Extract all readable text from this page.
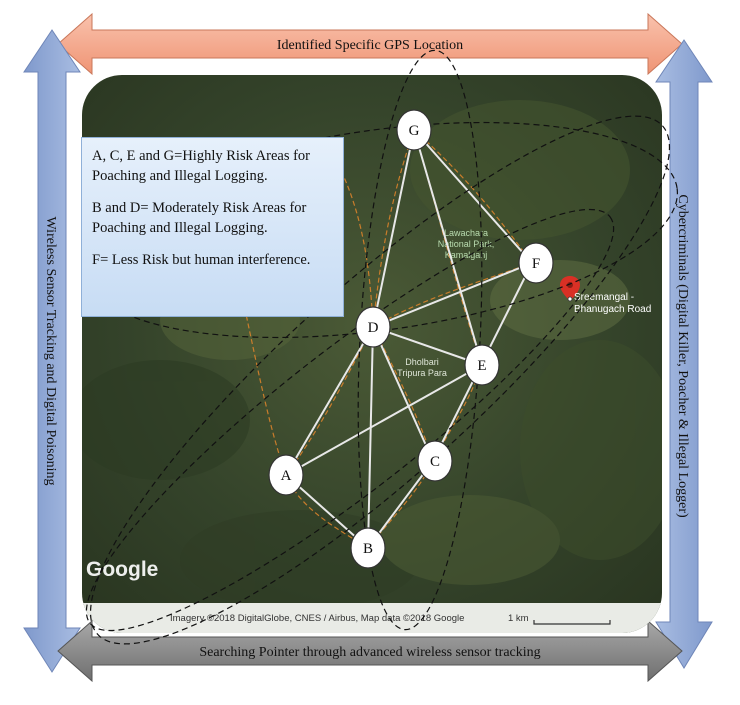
Identified Specific GPS Location
Wireless Sensor Tracking and Digital Poisoning	Cybercriminals (Digital Killer, Poacher & Illegal Logger)
Searching Pointer through advanced wireless sensor tracking
Lawachara
National Park,
Kamalganj
Dholbari
Tripura Para
Sreemangal -
Bhanugach Road
Google
Imagery ©2018 DigitalGlobe, CNES / Airbus, Map data ©2018 Google	1 km
G
F
D
E
C
A
B

A, C, E and G=Highly Risk Areas for Poaching and Illegal Logging.

B and D= Moderately Risk Areas for Poaching and Illegal Logging.

F= Less Risk but human interference.
